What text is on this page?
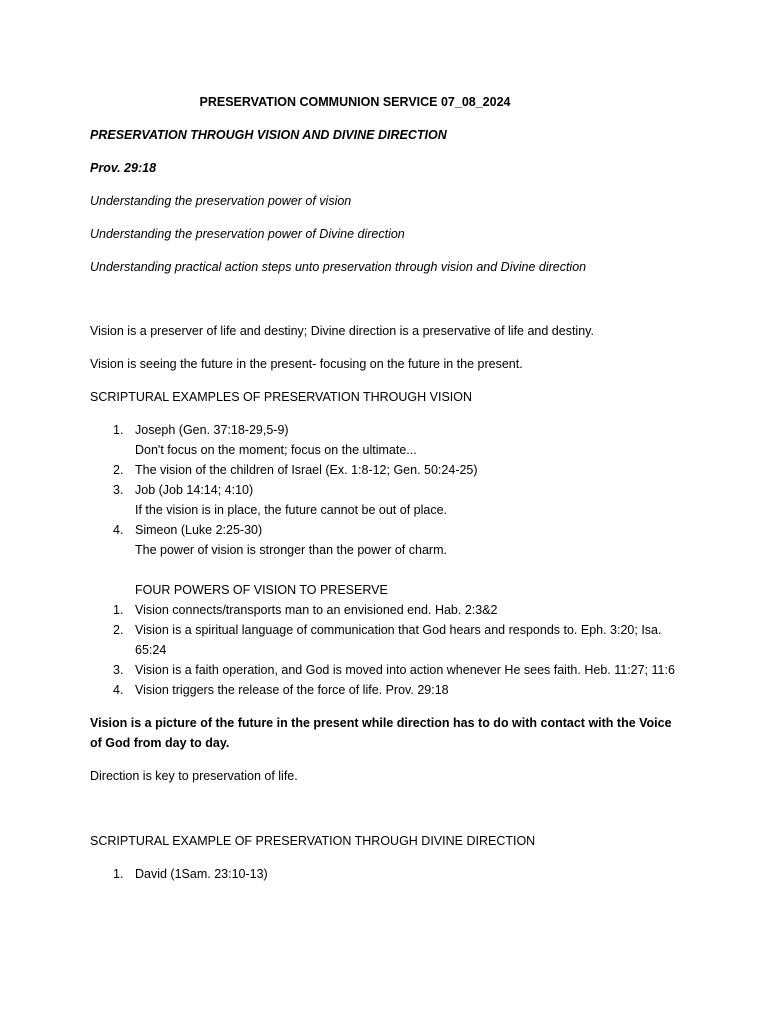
PRESERVATION COMMUNION SERVICE 07_08_2024

PRESERVATION THROUGH VISION AND DIVINE DIRECTION

Prov. 29:18

Understanding the preservation power of vision

Understanding the preservation power of Divine direction

Understanding practical action steps unto preservation through vision and Divine direction

Vision is a preserver of life and destiny; Divine direction is a preservative of life and destiny.

Vision is seeing the future in the present- focusing on the future in the present.

SCRIPTURAL EXAMPLES OF PRESERVATION THROUGH VISION

1. Joseph (Gen. 37:18-29,5-9)
Don't focus on the moment; focus on the ultimate...
2. The vision of the children of Israel (Ex. 1:8-12; Gen. 50:24-25)
3. Job (Job 14:14; 4:10)
If the vision is in place, the future cannot be out of place.
4. Simeon (Luke 2:25-30)
The power of vision is stronger than the power of charm.

FOUR POWERS OF VISION TO PRESERVE

1. Vision connects/transports man to an envisioned end. Hab. 2:3&2
2. Vision is a spiritual language of communication that God hears and responds to. Eph. 3:20; Isa. 65:24
3. Vision is a faith operation, and God is moved into action whenever He sees faith. Heb. 11:27; 11:6
4. Vision triggers the release of the force of life. Prov. 29:18

Vision is a picture of the future in the present while direction has to do with contact with the Voice of God from day to day.

Direction is key to preservation of life.

SCRIPTURAL EXAMPLE OF PRESERVATION THROUGH DIVINE DIRECTION

1. David (1Sam. 23:10-13)
